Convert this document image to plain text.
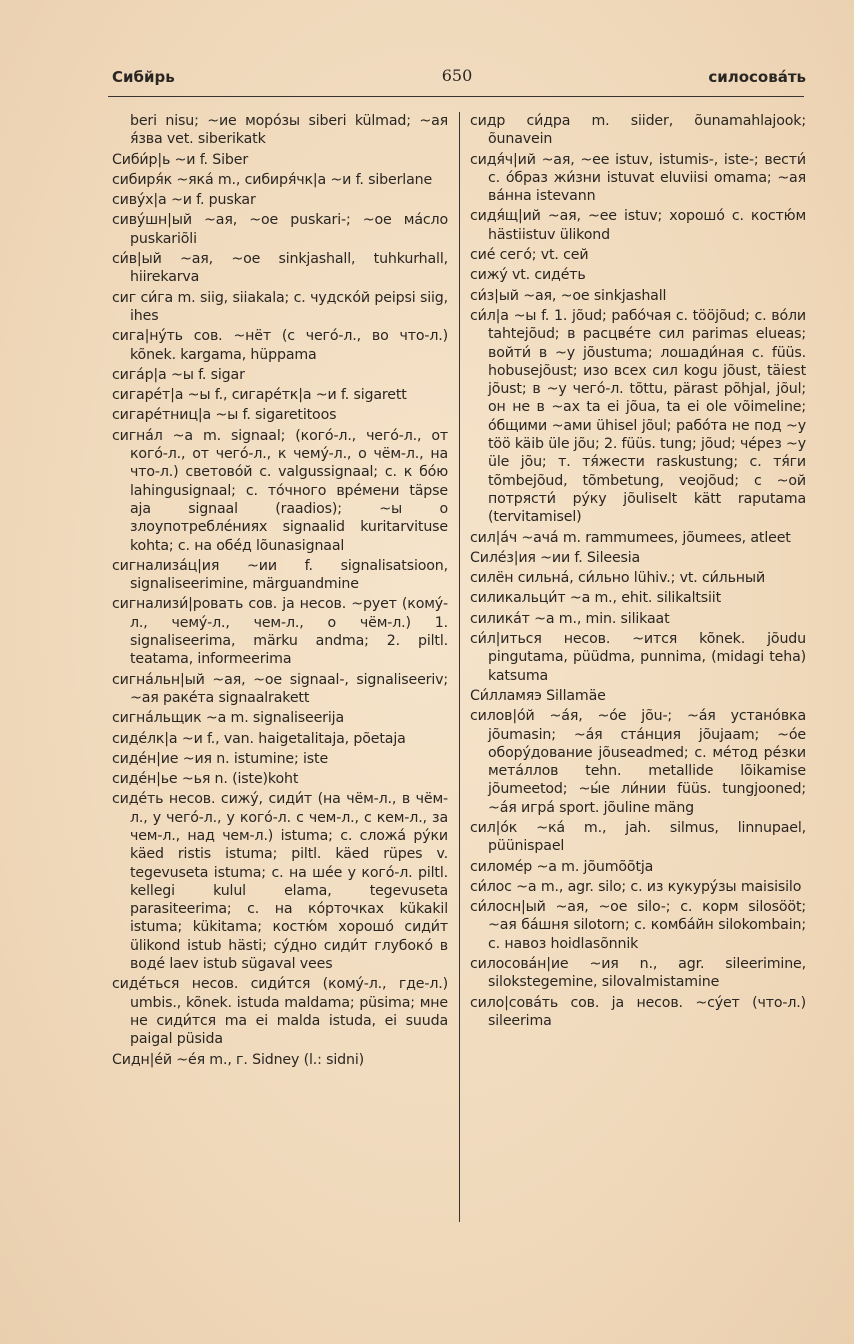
Сибйрь	650	силосова́ть

beri nisu; ~ие моро́зы siberi külmad; ~ая я́зва vet. siberikatk

Сиби́р|ь ~и f. Siber

сибиря́к ~яка́ m., сибиря́чк|а ~и f. siberlane

сиву́х|а ~и f. puskar

сиву́шн|ый ~ая, ~ое puskari-; ~ое ма́сло puskariõli

си́в|ый ~ая, ~ое sinkjashall, tuhkurhall, hiirekarva

сиг си́га m. siig, siiakala; с. чудско́й peipsi siig, ihes

сига|ну́ть сов. ~нёт (с чего́-л., во что-л.) kõnek. kargama, hüppama

сига́р|а ~ы f. sigar

сигаре́т|а ~ы f., сигаре́тк|а ~и f. sigarett

сигаре́тниц|а ~ы f. sigaretitoos

сигна́л ~а m. signaal; (кого́-л., чего́-л., от кого́-л., от чего́-л., к чему́-л., о чём-л., на что-л.) светово́й с. valgussignaal; с. к бо́ю lahingusignaal; с. то́чного вре́мени täpse aja signaal (raadios); ~ы о злоупотребле́ниях signaalid kuritarvituse kohta; с. на обе́д lõunasignaal

сигнализа́ц|ия ~ии f. signalisatsioon, signaliseerimine, märguandmine

сигнализи́|ровать сов. ja несов. ~рует (кому́-л., чему́-л., чем-л., о чём-л.) 1. signaliseerima, märku andma; 2. piltl. teatama, informeerima

сигна́льн|ый ~ая, ~ое signaal-, signaliseeriv; ~ая раке́та signaalrakett

сигна́льщик ~а m. signaliseerija

сиде́лк|а ~и f., van. haigetalitaja, põetaja

сиде́н|ие ~ия n. istumine; iste

сиде́н|ье ~ья n. (iste)koht

сиде́ть несов. сижу́, сиди́т (на чём-л., в чём-л., у чего́-л., у кого́-л. с чем-л., с кем-л., за чем-л., над чем-л.) istuma; с. сложа́ ру́ки käed ristis istuma; piltl. käed rüpes v. tegevuseta istuma; с. на ше́е у кого́-л. piltl. kellegi kulul elama, tegevuseta parasiteerima; с. на ко́рточках kükakil istuma; kükitama; костю́м хорошо́ сиди́т ülikond istub hästi; су́дно сиди́т глубоко́ в воде́ laev istub sügaval vees

сиде́ться несов. сиди́тся (кому́-л., где-л.) umbis., kõnek. istuda maldama; püsima; мне не сиди́тся ma ei malda istuda, ei suuda paigal püsida

Сидн|е́й ~е́я m., г. Sidney (l.: sidni)

сидр си́дра m. siider, õunamahlajook; õunavein

сидя́ч|ий ~ая, ~ее istuv, istumis-, iste-; вести́ с. о́браз жи́зни istuvat eluviisi omama; ~ая ва́нна istevann

сидя́щ|ий ~ая, ~ее istuv; хорошо́ с. костю́м hästiistuv ülikond

сие́ сего́; vt. сей

сижу́ vt. сиде́ть

си́з|ый ~ая, ~ое sinkjashall

си́л|а ~ы f. 1. jõud; рабо́чая с. tööjõud; с. во́ли tahtejõud; в расцве́те сил parimas elueas; войти́ в ~у jõustuma; лошади́ная с. füüs. hobusejõust; изо всех сил kogu jõust, täiest jõust; в ~у чего́-л. tõttu, pärast põhjal, jõul; он не в ~ах ta ei jõua, ta ei ole võimeline; о́бщими ~ами ühisel jõul; рабо́та не под ~у töö käib üle jõu; 2. füüs. tung; jõud; че́рез ~у üle jõu; т. тя́жести raskustung; с. тя́ги tõmbejõud, tõmbetung, veojõud; с ~ой потрясти́ ру́ку jõuliselt kätt raputama (tervitamisel)

сил|а́ч ~ача́ m. rammumees, jõumees, atleet

Силе́з|ия ~ии f. Sileesia

силён сильна́, си́льно lühiv.; vt. си́льный

силикальци́т ~а m., ehit. silikaltsiit

силика́т ~а m., min. silikaat

си́л|иться несов. ~ится kõnek. jõudu pingutama, püüdma, punnima, (midagi teha) katsuma

Си́лламяэ Sillamäe

силов|о́й ~а́я, ~о́е jõu-; ~а́я устано́вка jõumasin; ~а́я ста́нция jõujaam; ~о́е обору́дование jõuseadmed; с. ме́тод ре́зки мета́ллов tehn. metallide lõikamise jõumeetod; ~ы́е ли́нии füüs. tungjooned; ~а́я игра́ sport. jõuline mäng

сил|о́к ~ка́ m., jah. silmus, linnupael, püünispael

силоме́р ~а m. jõumõõtja

си́лос ~а m., agr. silo; с. из кукуру́зы maisisilo

си́лосн|ый ~ая, ~ое silo-; с. корм silosööt; ~ая ба́шня silotorn; с. комба́йн silokombain; с. навоз hoidlasõnnik

силосова́н|ие ~ия n., agr. sileerimine, silokstegemine, silovalmistamine

сило|сова́ть сов. ja несов. ~су́ет (что-л.) sileerima
